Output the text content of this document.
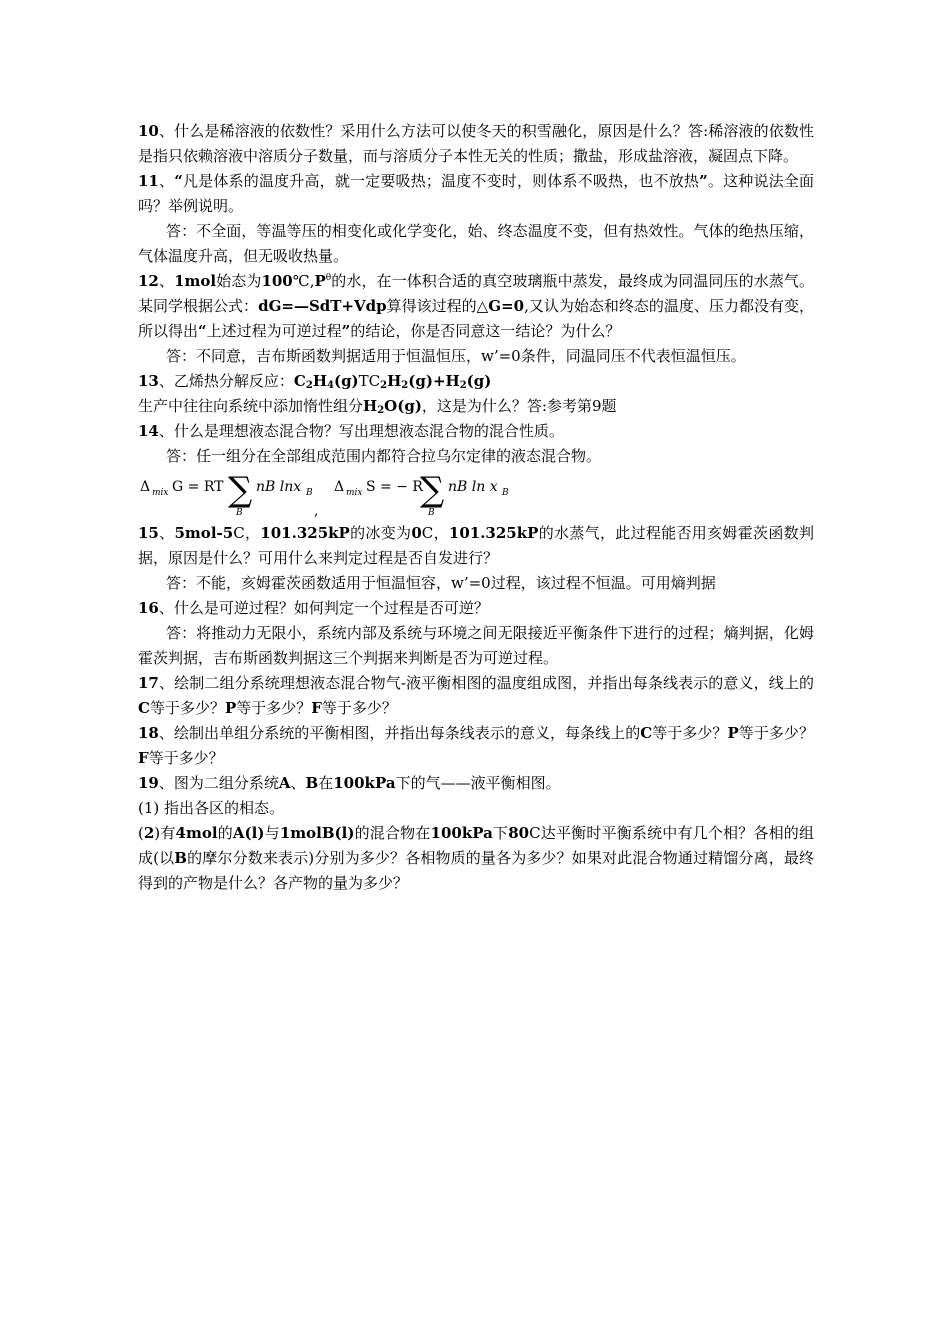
10、什么是稀溶液的依数性？采用什么方法可以使冬天的积雪融化，原因是什么？答:稀溶液的依数性是指只依赖溶液中溶质分子数量，而与溶质分子本性无关的性质；撒盐，形成盐溶液，凝固点下降。

11、“凡是体系的温度升高，就一定要吸热；温度不变时，则体系不吸热，也不放热”。这种说法全面吗？举例说明。

答：不全面，等温等压的相变化或化学变化，始、终态温度不变，但有热效性。气体的绝热压缩，气体温度升高，但无吸收热量。

12、1mol始态为$100℃,P^\theta$的水，在一体积合适的真空玻璃瓶中蒸发，最终成为同温同压的水蒸气。某同学根据公式：dG=—SdT+Vdp算得该过程的△G=0,又认为始态和终态的温度、压力都没有变，所以得出“上述过程为可逆过程”的结论，你是否同意这一结论？为什么？

答：不同意，吉布斯函数判据适用于恒温恒压，w’=0条件，同温同压不代表恒温恒压。

13、乙烯热分解反应：$C_2H_4(g)TC_2H_2(g)+H_2(g)$

生产中往往向系统中添加惰性组分$H_2O(g)$，这是为什么？答:参考第9题

14、什么是理想液态混合物？写出理想液态混合物的混合性质。

答：任一组分在全部组成范围内都符合拉乌尔定律的液态混合物。

Δ mix G = RT ∑
B
nB lnx B
,
Δ mix S = − R
∑
B
nB ln x B

15、5mol-5C，101.325kP的冰变为0C，101.325kP的水蒸气，此过程能否用亥姆霍茨函数判据，原因是什么？可用什么来判定过程是否自发进行？

答：不能，亥姆霍茨函数适用于恒温恒容，w’=0过程，该过程不恒温。可用熵判据

16、什么是可逆过程？如何判定一个过程是否可逆？

答：将推动力无限小，系统内部及系统与环境之间无限接近平衡条件下进行的过程；熵判据，化姆霍茨判据，吉布斯函数判据这三个判据来判断是否为可逆过程。

17、绘制二组分系统理想液态混合物气-液平衡相图的温度组成图，并指出每条线表示的意义，线上的C等于多少？P等于多少？F等于多少？

18、绘制出单组分系统的平衡相图，并指出每条线表示的意义，每条线上的C等于多少？P等于多少？F等于多少？

19、图为二组分系统A、B在100kPa下的气——液平衡相图。

(1) 指出各区的相态。

(2)有4mol的A(l)与1molB(l)的混合物在100kPa下80C达平衡时平衡系统中有几个相？各相的组成(以B的摩尔分数来表示)分别为多少？各相物质的量各为多少？如果对此混合物通过精馏分离，最终得到的产物是什么？各产物的量为多少？
